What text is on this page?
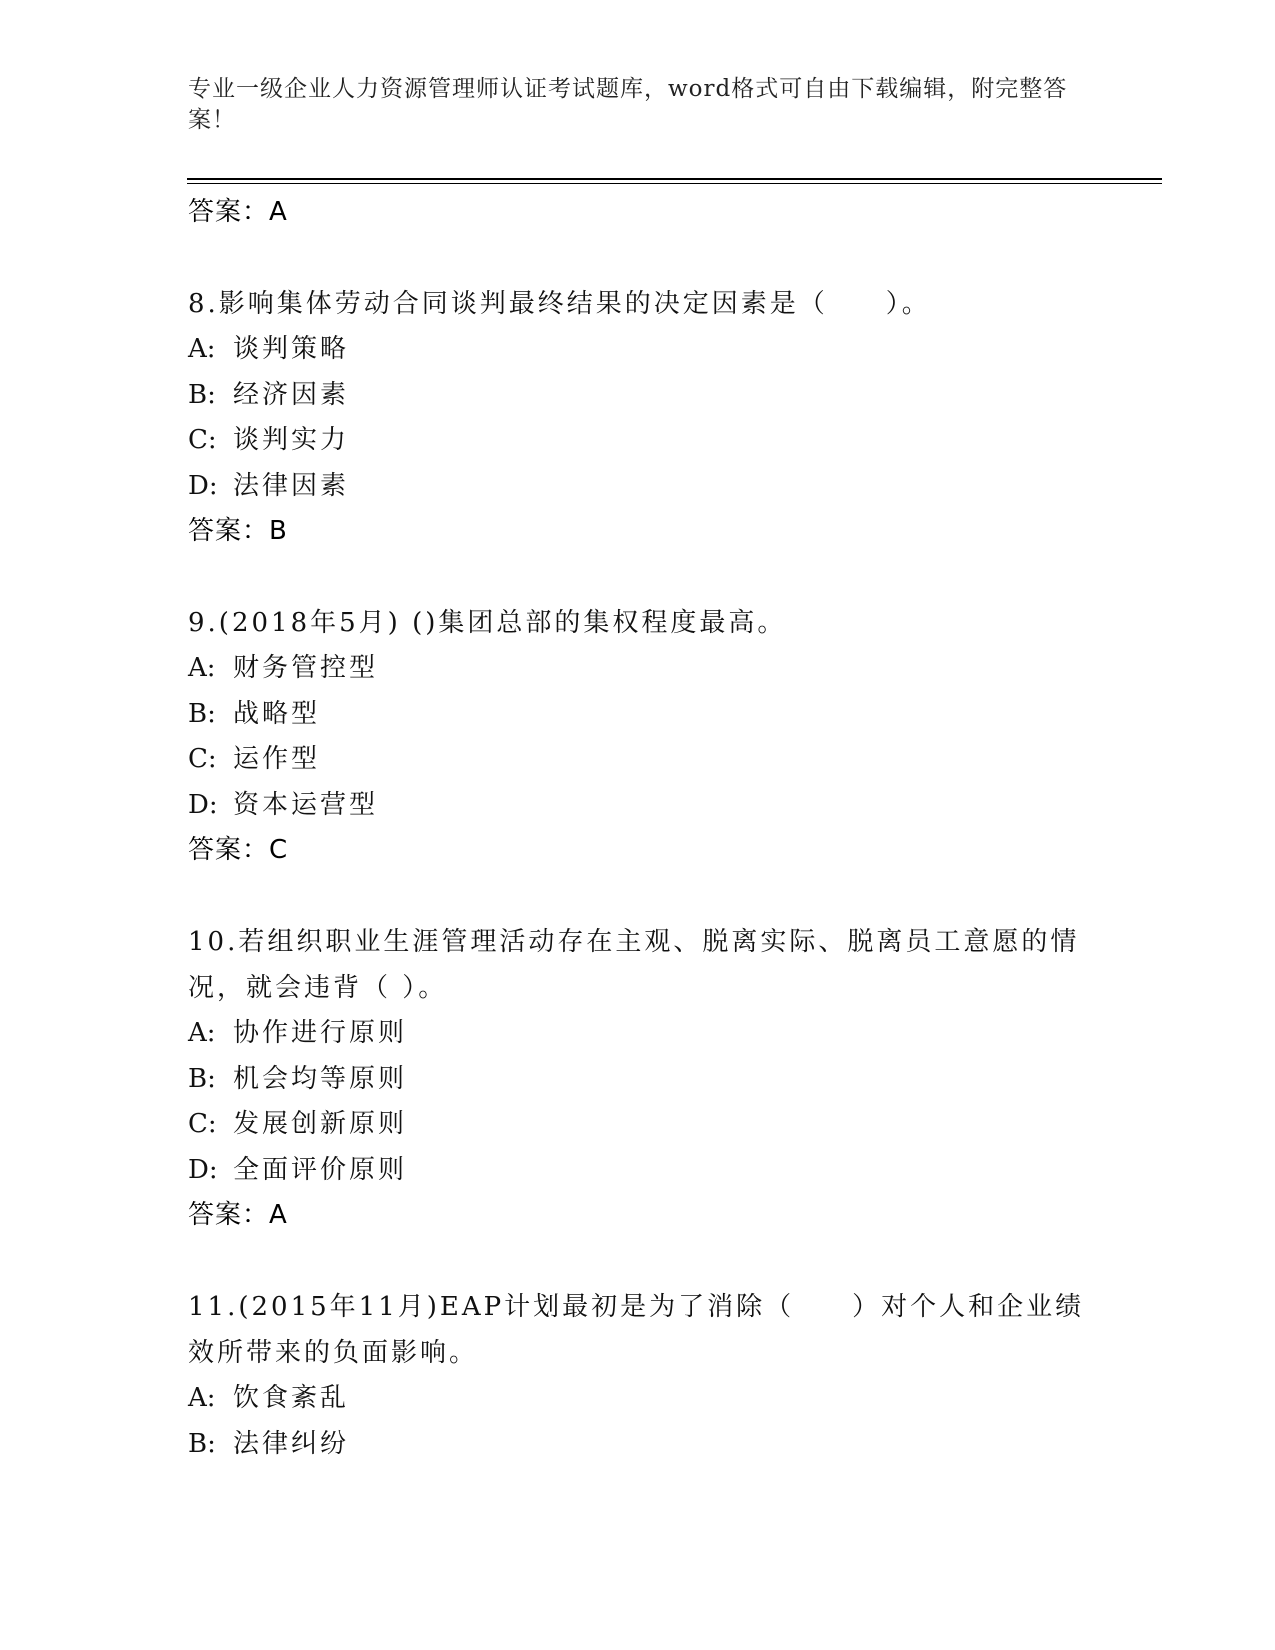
专业一级企业人力资源管理师认证考试题库，word格式可自由下载编辑，附完整答案！
答案：A
8.影响集体劳动合同谈判最终结果的决定因素是（　　）。
A: 谈判策略
B: 经济因素
C: 谈判实力
D: 法律因素
答案：B
9.(2018年5月) ()集团总部的集权程度最高。
A: 财务管控型
B: 战略型
C: 运作型
D: 资本运营型
答案：C
10.若组织职业生涯管理活动存在主观、脱离实际、脱离员工意愿的情况，就会违背（ ）。
A: 协作进行原则
B: 机会均等原则
C: 发展创新原则
D: 全面评价原则
答案：A
11.(2015年11月)EAP计划最初是为了消除（　　）对个人和企业绩效所带来的负面影响。
A: 饮食紊乱
B: 法律纠纷
